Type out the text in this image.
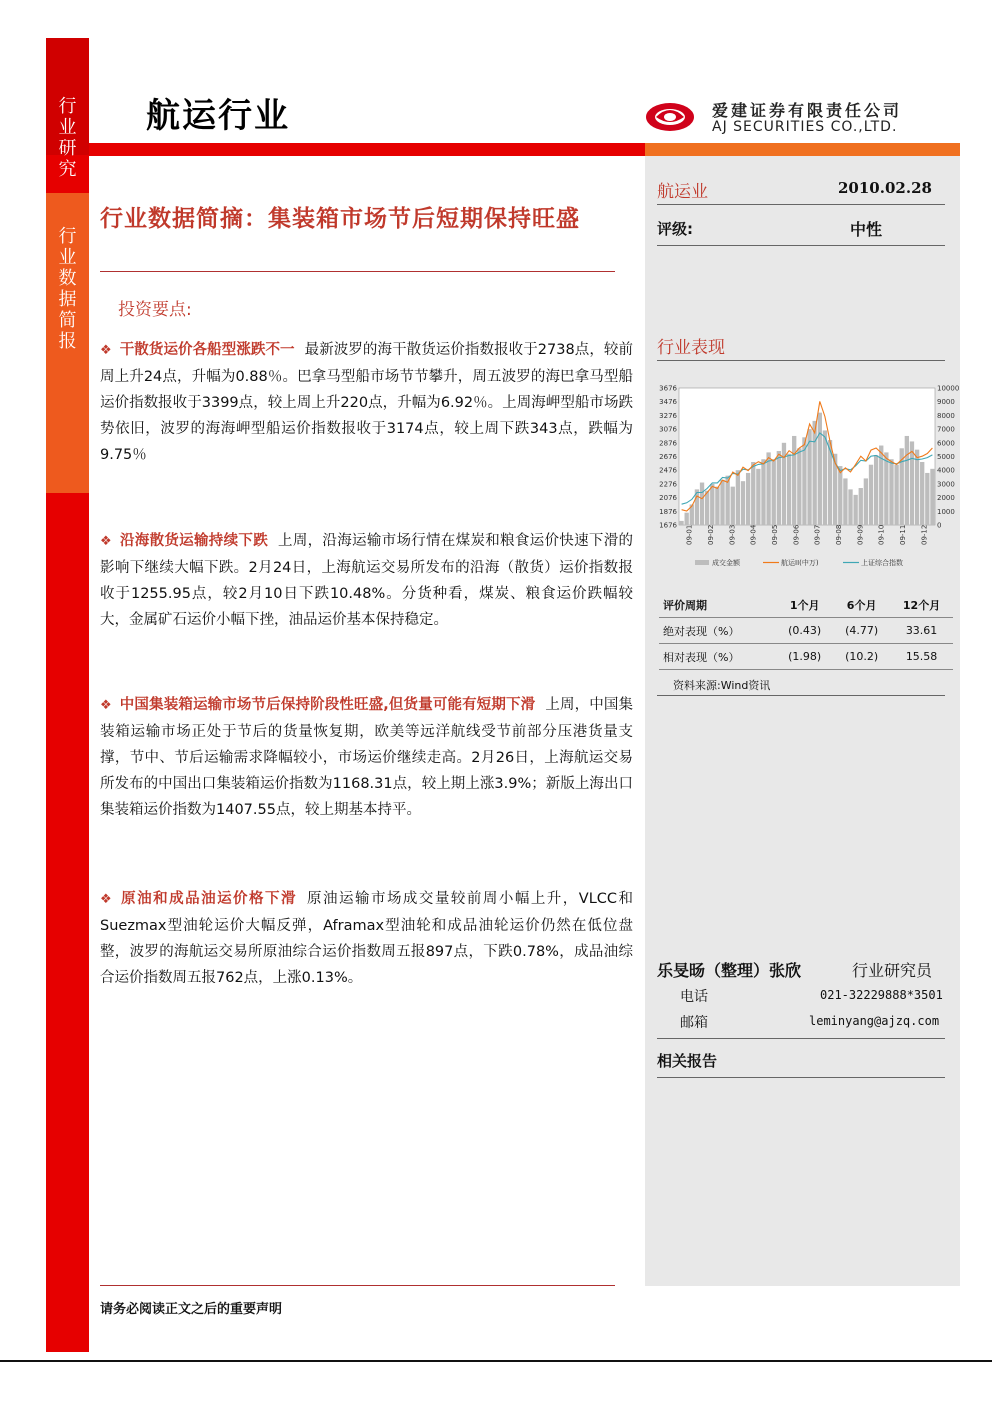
行
业
研
究
行
业
数
据
简
报
航运行业	爱建证券有限责任公司
AJ SECURITIES CO.,LTD.
行业数据简摘：集装箱市场节后短期保持旺盛
投资要点:
❖ 干散货运价各船型涨跌不一 最新波罗的海干散货运价指数报收于2738点，较前周上升24点，升幅为0.88％。巴拿马型船市场节节攀升，周五波罗的海巴拿马型船运价指数报收于3399点，较上周上升220点，升幅为6.92％。上周海岬型船市场跌势依旧，波罗的海海岬型船运价指数报收于3174点，较上周下跌343点，跌幅为9.75％
❖ 沿海散货运输持续下跌 上周，沿海运输市场行情在煤炭和粮食运价快速下滑的影响下继续大幅下跌。2月24日，上海航运交易所发布的沿海（散货）运价指数报收于1255.95点，较2月10日下跌10.48%。分货种看，煤炭、粮食运价跌幅较大，金属矿石运价小幅下挫，油品运价基本保持稳定。
❖ 中国集装箱运输市场节后保持阶段性旺盛,但货量可能有短期下滑 上周，中国集装箱运输市场正处于节后的货量恢复期，欧美等远洋航线受节前部分压港货量支撑，节中、节后运输需求降幅较小，市场运价继续走高。2月26日，上海航运交易所发布的中国出口集装箱运价指数为1168.31点，较上期上涨3.9%；新版上海出口集装箱运价指数为1407.55点，较上期基本持平。
❖ 原油和成品油运价格下滑 原油运输市场成交量较前周小幅上升，VLCC和Suezmax型油轮运价大幅反弹，Aframax型油轮和成品油轮运价仍然在低位盘整，波罗的海航运交易所原油综合运价指数周五报897点，下跌0.78%，成品油综合运价指数周五报762点，上涨0.13%。
航运业	2010.02.28
评级:	中性
行业表现
3676
3476
3276
3076
2876
2676
2476
2276
2076
1876
1676
10000
9000
8000
7000
6000
5000
4000
3000
2000
1000
0
09-01 09-02 09-03 09-04 09-05 09-06 09-07 09-08 09-09 09-10 09-11 09-12
成交金额	航运II(中万)	上证综合指数
评价周期	1个月	6个月	12个月
绝对表现（%）	(0.43)	(4.77)	33.61
相对表现（%）	(1.98)	(10.2)	15.58
资料来源:Wind资讯
乐旻旸（整理）张欣	行业研究员
电话	021-32229888*3501
邮箱	leminyang@ajzq.com
相关报告
请务必阅读正文之后的重要声明
